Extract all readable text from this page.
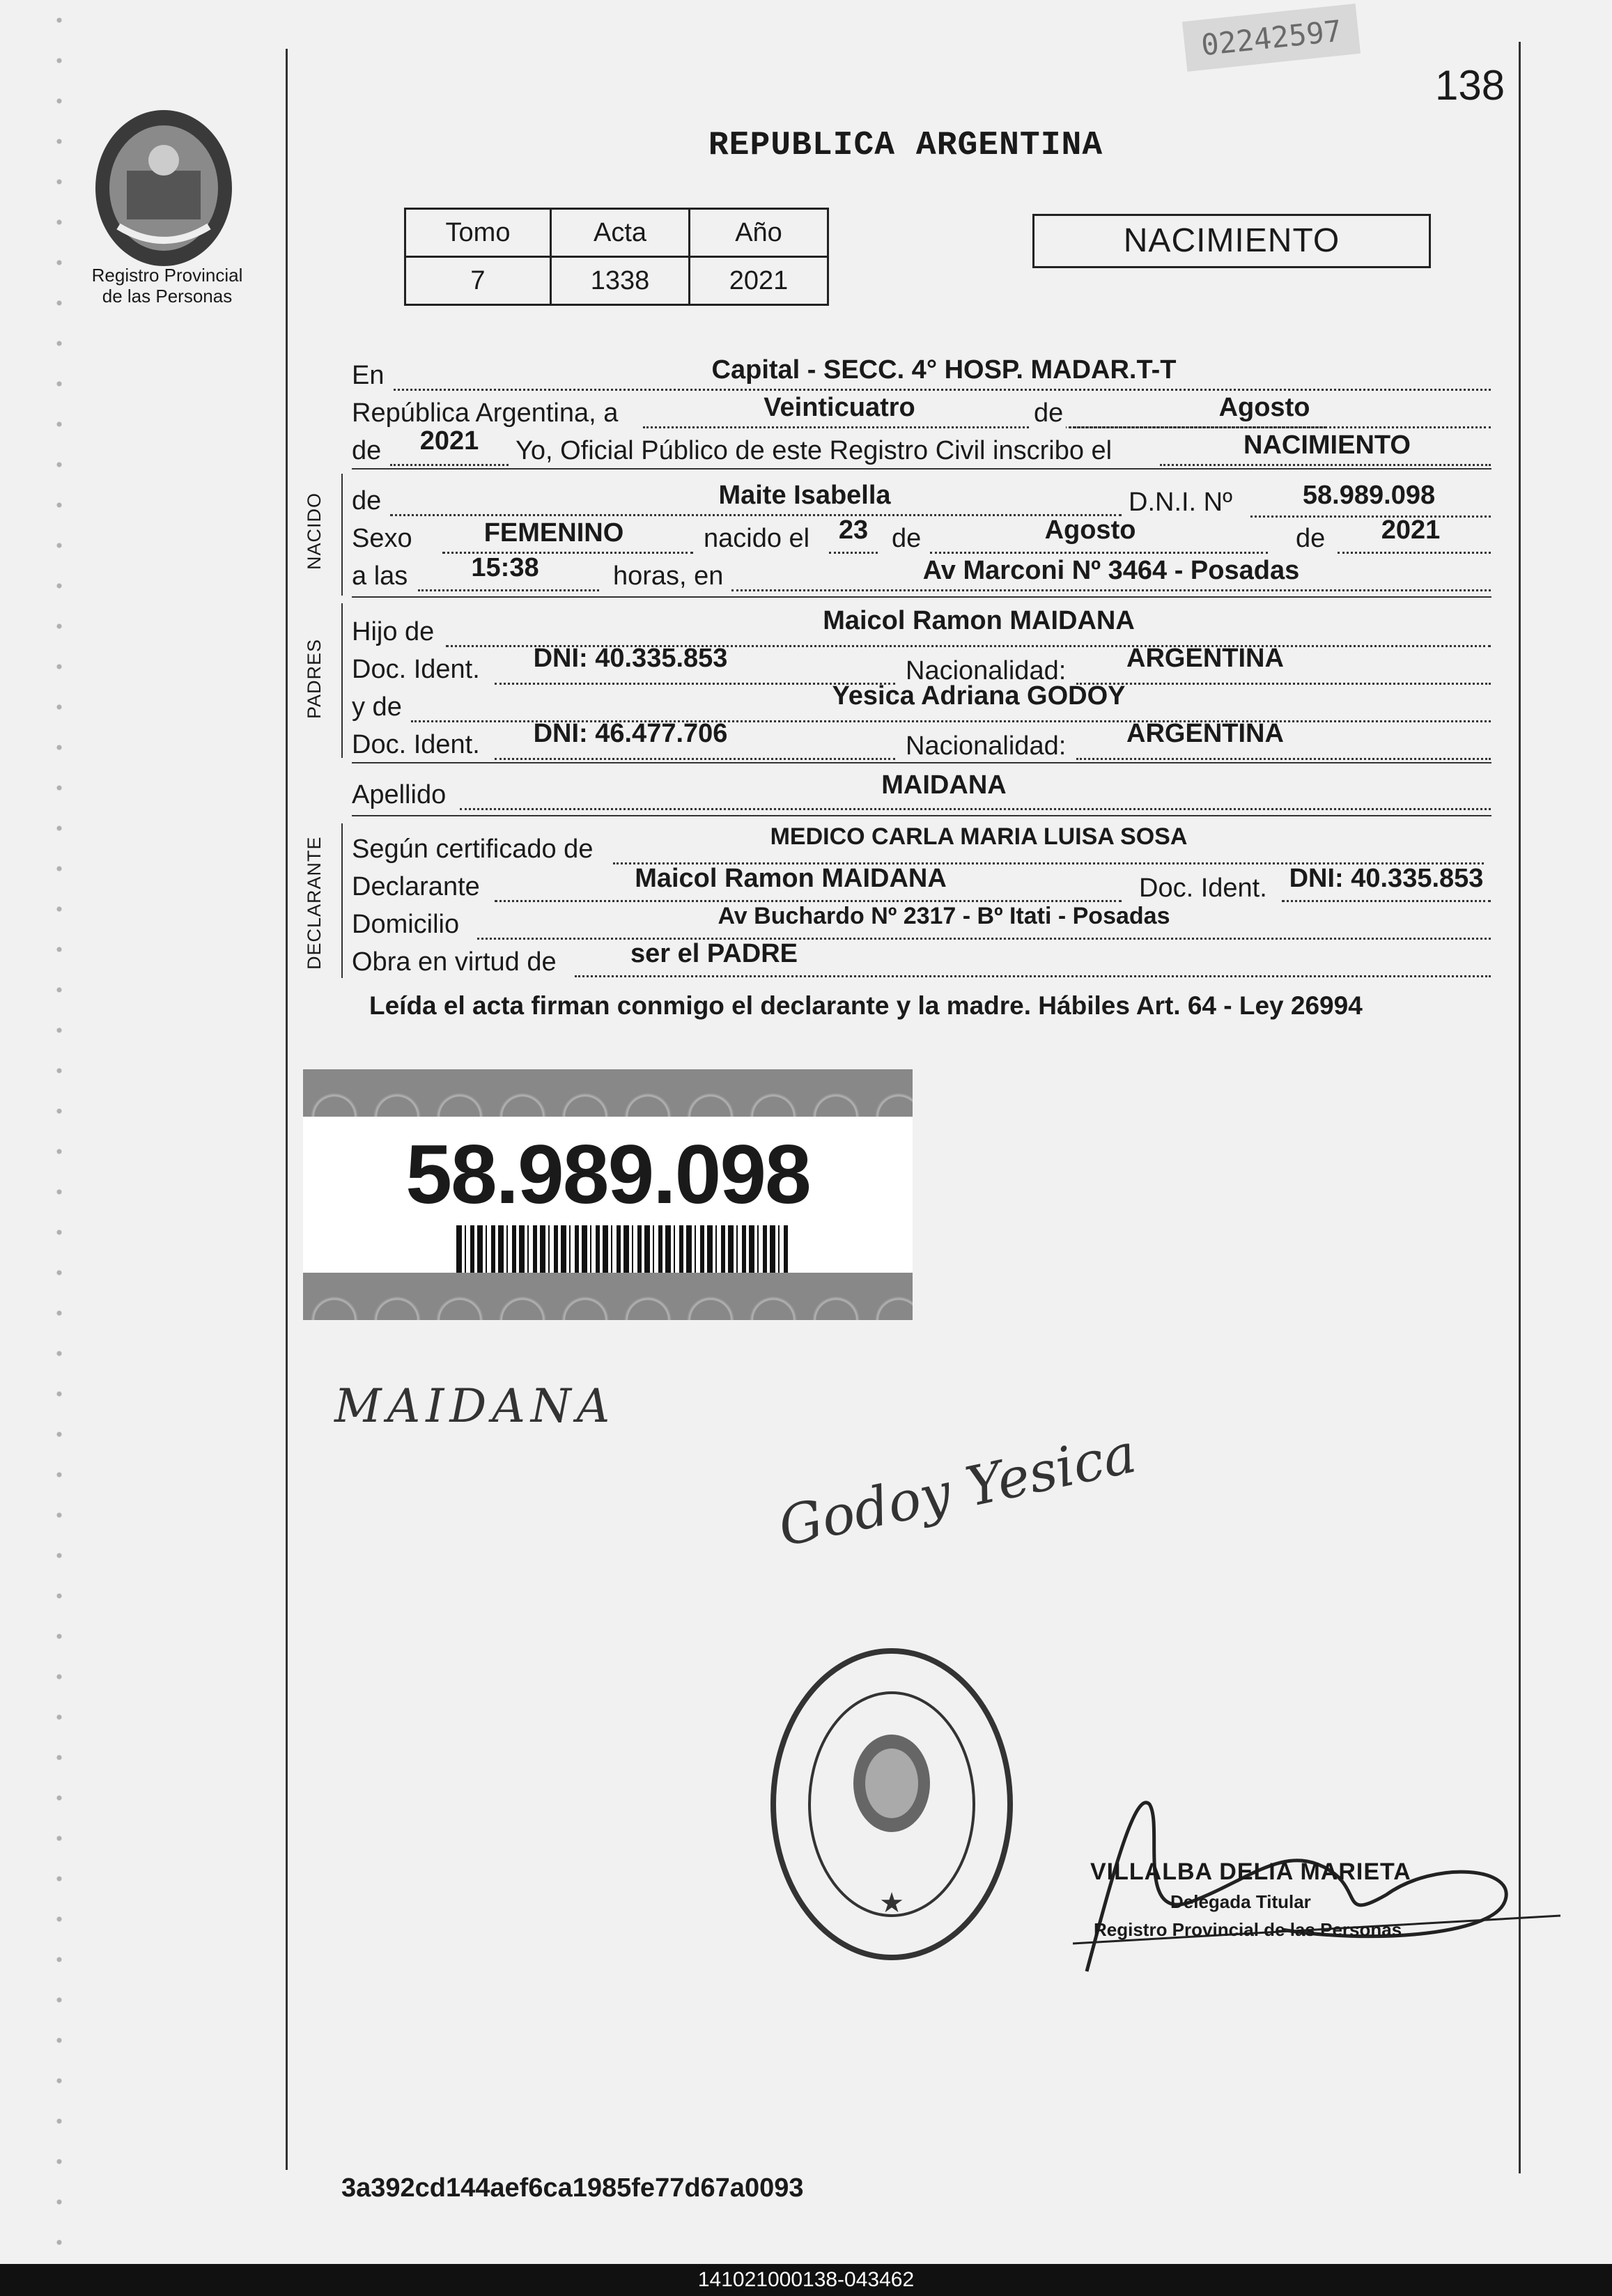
02242597
138
Registro Provincial
de las Personas
REPUBLICA ARGENTINA
Tomo	Acta	Año
7	1338	2021
NACIMIENTO
En	Capital - SECC. 4° HOSP. MADAR.T-T
República Argentina, a	Veinticuatro	de	Agosto
de	2021	Yo, Oficial Público de este Registro Civil inscribo el	NACIMIENTO
NACIDO de	Maite Isabella	D.N.I. Nº	58.989.098
Sexo	FEMENINO	nacido el	23 de	Agosto	de	2021
a las	15:38	horas, en	Av Marconi Nº 3464 - Posadas
PADRES
Hijo de	Maicol Ramon MAIDANA
Doc. Ident.	DNI: 40.335.853	Nacionalidad:	ARGENTINA
y de	Yesica Adriana GODOY
Doc. Ident.	DNI: 46.477.706	Nacionalidad:	ARGENTINA
Apellido	MAIDANA
DECLARANTE Según certificado de	MEDICO CARLA MARIA LUISA SOSA
Declarante	Maicol Ramon MAIDANA	Doc. Ident. DNI: 40.335.853
Domicilio	Av Buchardo Nº 2317 - Bº Itati - Posadas
Obra en virtud de	ser el PADRE
Leída el acta firman conmigo el declarante y la madre. Hábiles Art. 64 - Ley 26994
58.989.098
MAIDANA
Godoy Yesica
★
VILLALBA DELIA MARIETA
Delegada Titular
Registro Provincial de las Personas
3a392cd144aef6ca1985fe77d67a0093
141021000138-043462
